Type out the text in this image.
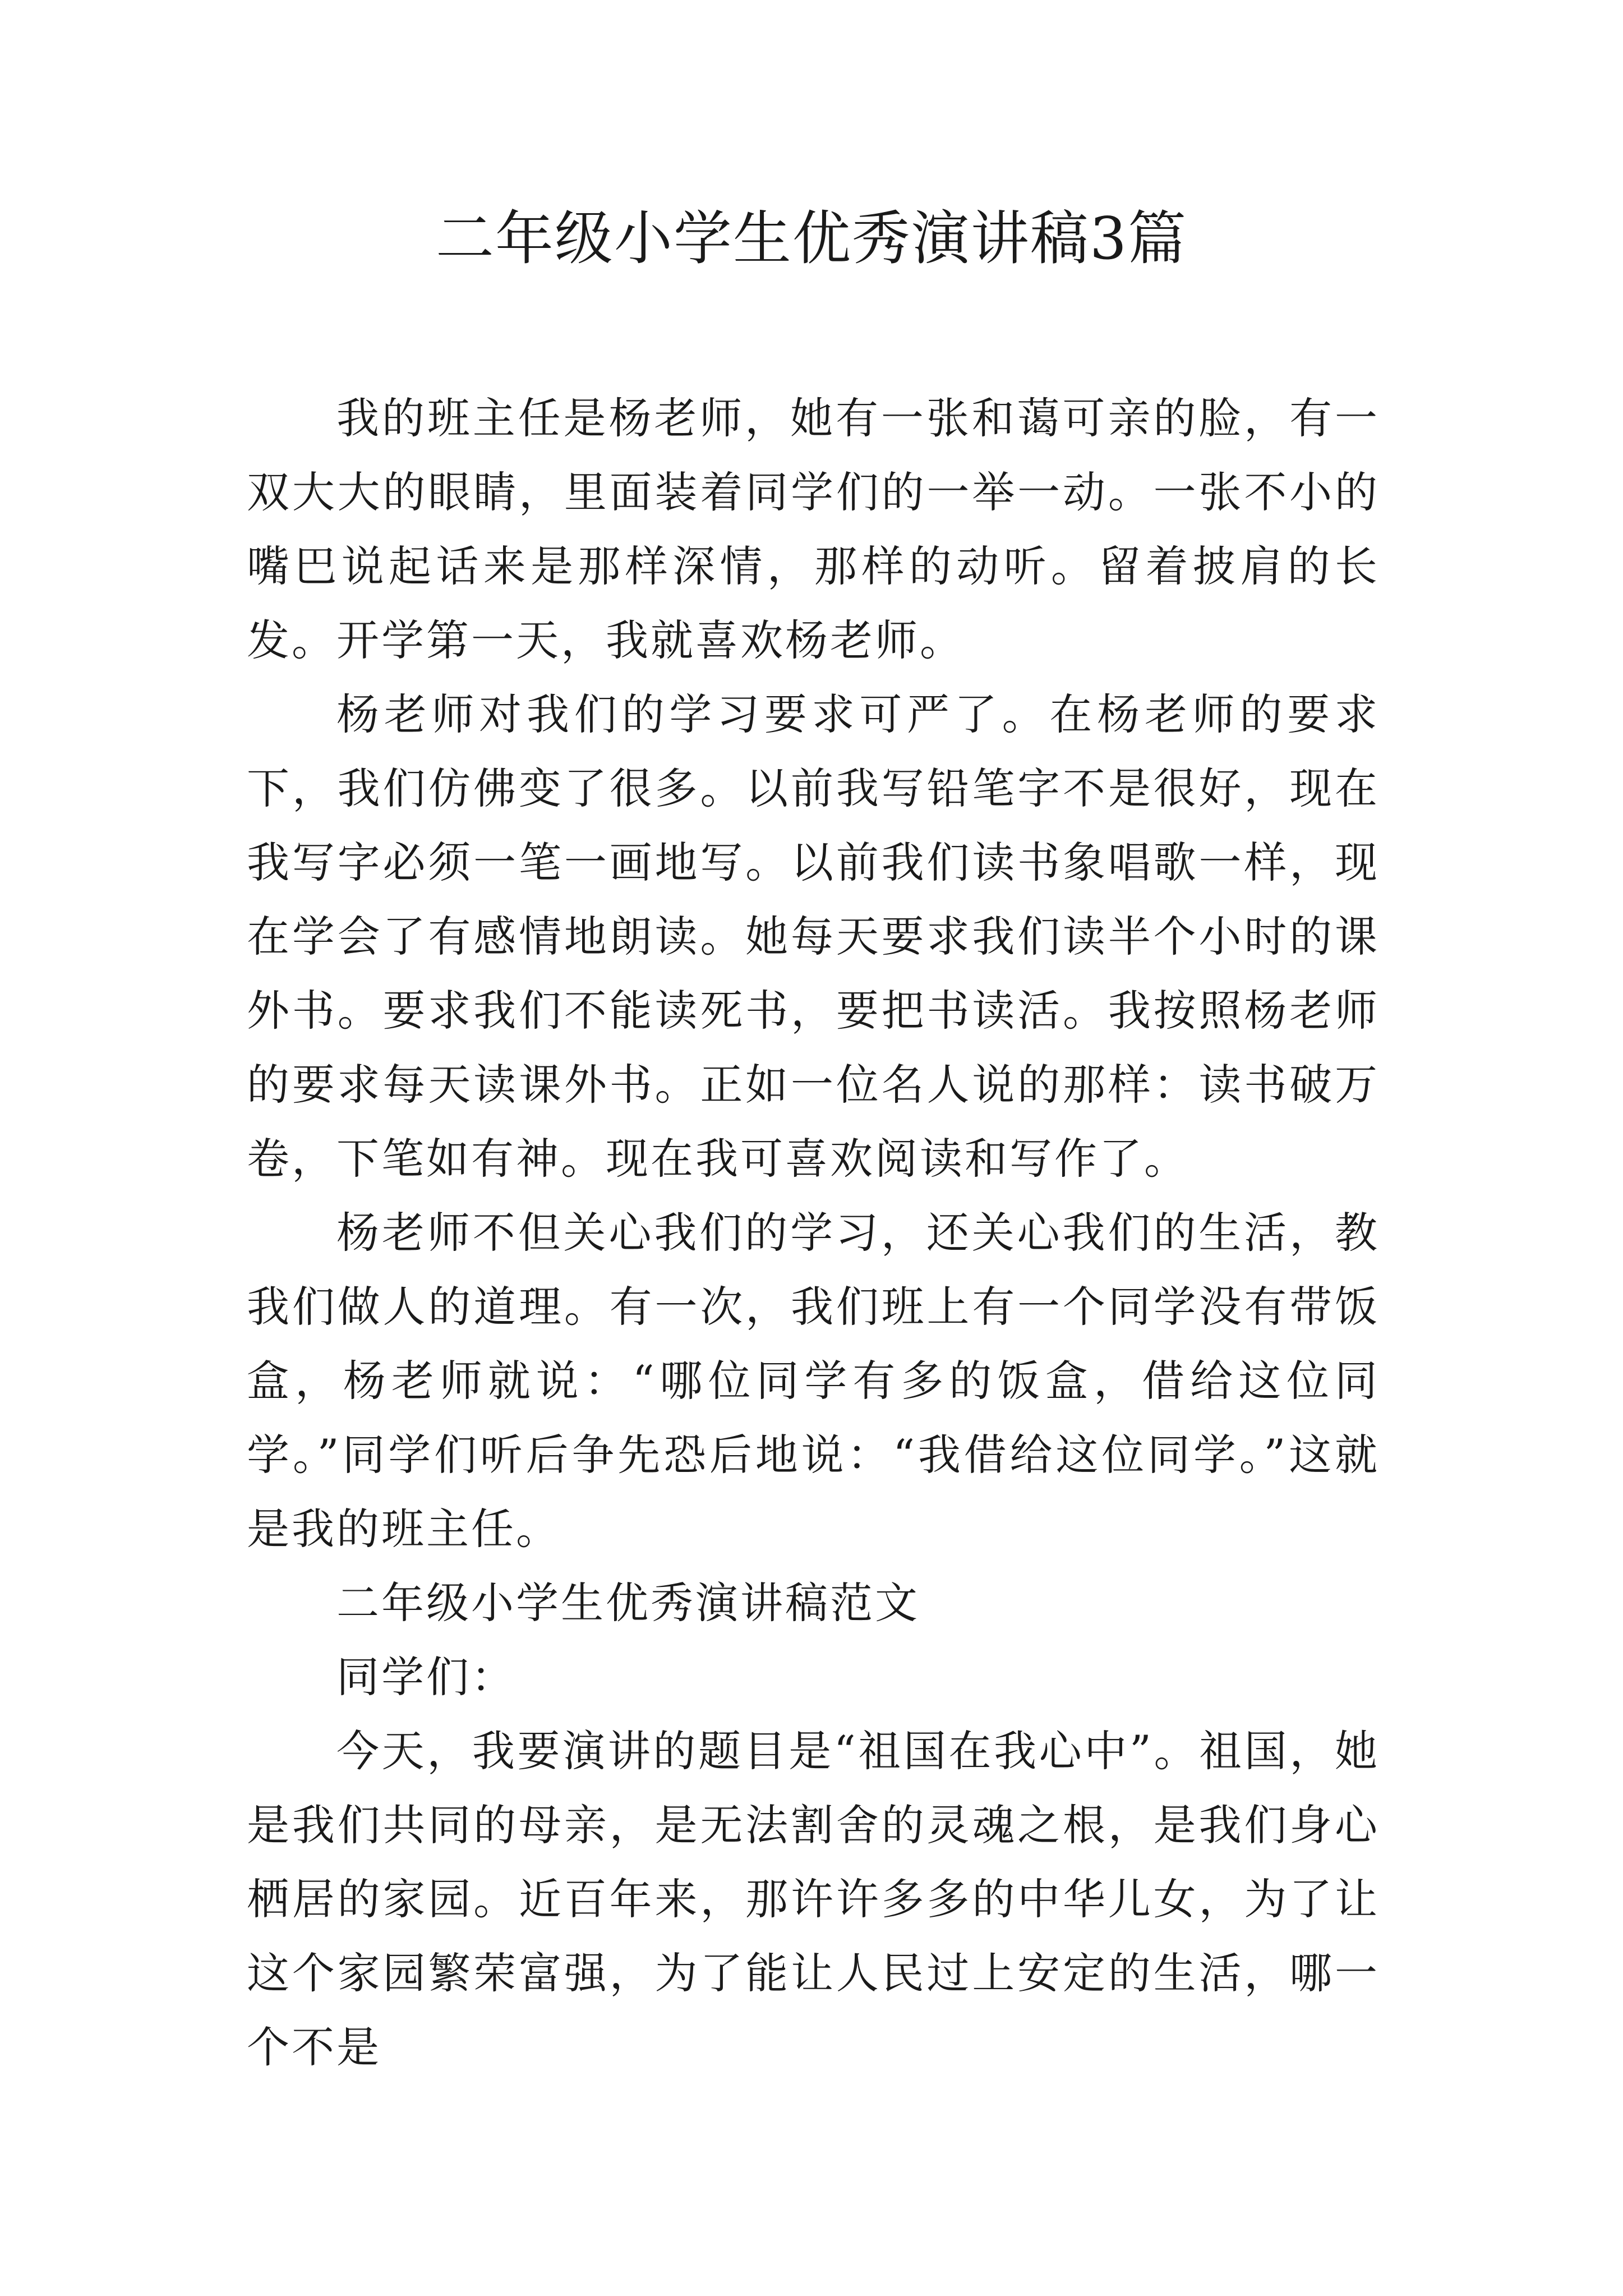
二年级小学生优秀演讲稿3篇

我的班主任是杨老师，她有一张和蔼可亲的脸，有一双大大的眼睛，里面装着同学们的一举一动。一张不小的嘴巴说起话来是那样深情，那样的动听。留着披肩的长发。开学第一天，我就喜欢杨老师。

杨老师对我们的学习要求可严了。在杨老师的要求下，我们仿佛变了很多。以前我写铅笔字不是很好，现在我写字必须一笔一画地写。以前我们读书象唱歌一样，现在学会了有感情地朗读。她每天要求我们读半个小时的课外书。要求我们不能读死书，要把书读活。我按照杨老师的要求每天读课外书。正如一位名人说的那样：读书破万卷，下笔如有神。现在我可喜欢阅读和写作了。

杨老师不但关心我们的学习，还关心我们的生活，教我们做人的道理。有一次，我们班上有一个同学没有带饭盒，杨老师就说：“哪位同学有多的饭盒，借给这位同学。”同学们听后争先恐后地说：“我借给这位同学。”这就是我的班主任。

二年级小学生优秀演讲稿范文

同学们：

今天，我要演讲的题目是“祖国在我心中”。祖国，她是我们共同的母亲，是无法割舍的灵魂之根，是我们身心栖居的家园。近百年来，那许许多多的中华儿女，为了让这个家园繁荣富强，为了能让人民过上安定的生活，哪一个不是
